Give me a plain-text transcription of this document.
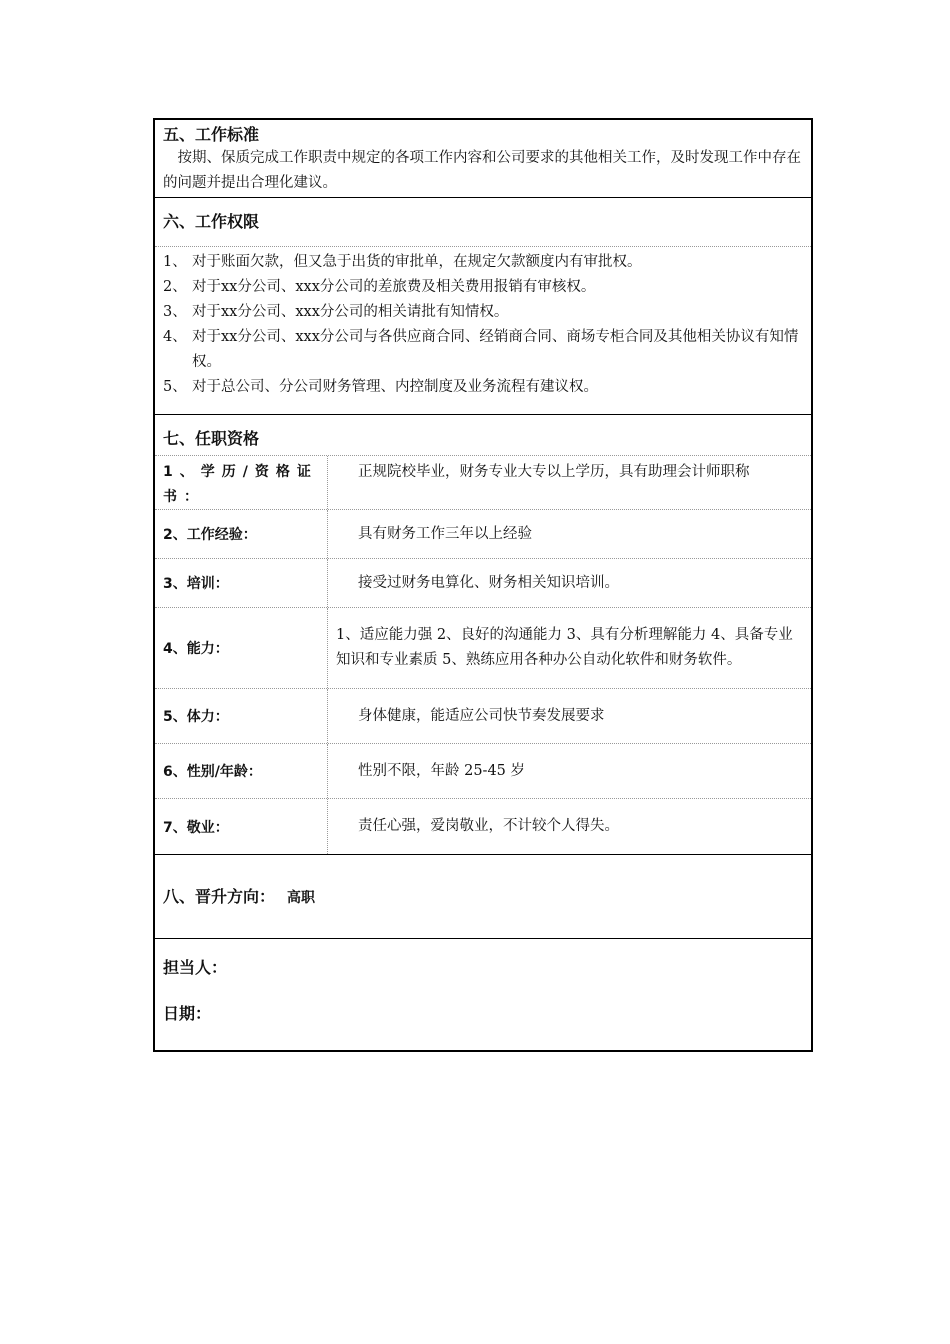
五、工作标准
按期、保质完成工作职责中规定的各项工作内容和公司要求的其他相关工作，及时发现工作中存在的问题并提出合理化建议。
六、工作权限
1、 对于账面欠款，但又急于出货的审批单，在规定欠款额度内有审批权。
2、 对于xx分公司、xxx分公司的差旅费及相关费用报销有审核权。
3、 对于xx分公司、xxx分公司的相关请批有知情权。
4、 对于xx分公司、xxx分公司与各供应商合同、经销商合同、商场专柜合同及其他相关协议有知情权。
5、 对于总公司、分公司财务管理、内控制度及业务流程有建议权。
七、任职资格
1、学历/资格证书：
正规院校毕业，财务专业大专以上学历，具有助理会计师职称
2、工作经验：	具有财务工作三年以上经验
3、培训：	接受过财务电算化、财务相关知识培训。
4、能力：
1、适应能力强 2、良好的沟通能力 3、具有分析理解能力 4、具备专业知识和专业素质 5、熟练应用各种办公自动化软件和财务软件。
5、体力：	身体健康，能适应公司快节奏发展要求
6、性别/年龄：	性别不限，年龄 25-45 岁
7、敬业：	责任心强，爱岗敬业，不计较个人得失。
八、晋升方向： 高职
担当人：
日期：
